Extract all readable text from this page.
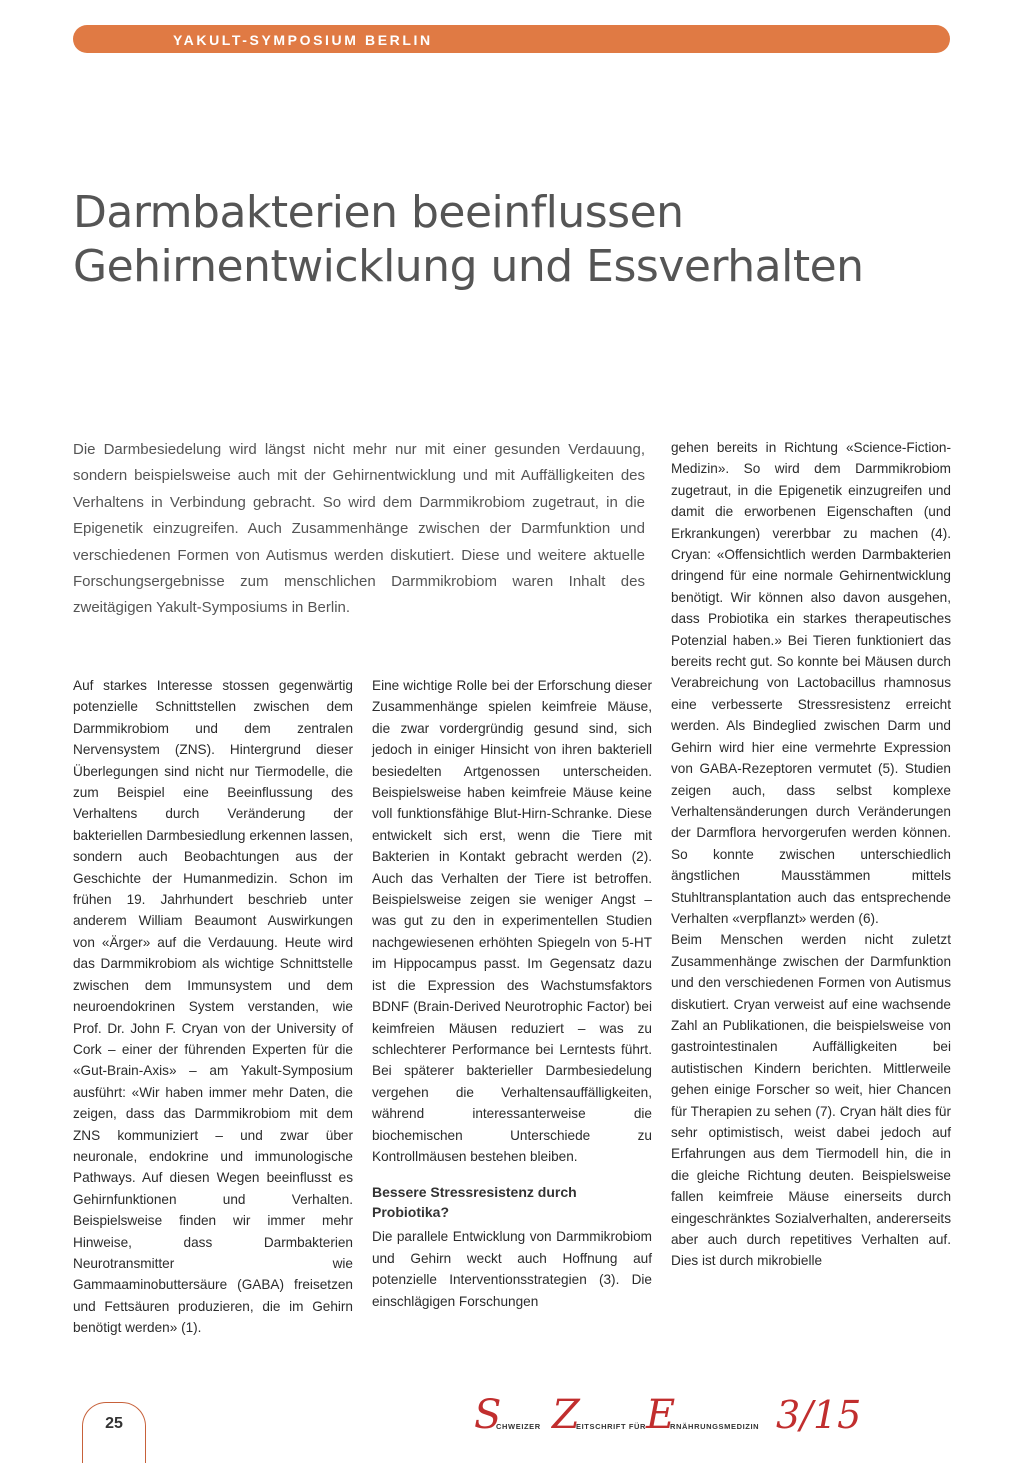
YAKULT-SYMPOSIUM BERLIN
Darmbakterien beeinflussen
Gehirnentwicklung und Essverhalten

Die Darmbesiedelung wird längst nicht mehr nur mit einer gesunden Verdauung, sondern beispielsweise auch mit der Gehirnentwicklung und mit Auffälligkeiten des Verhaltens in Verbindung gebracht. So wird dem Darmmikrobiom zugetraut, in die Epigenetik einzugreifen. Auch Zusammenhänge zwischen der Darmfunktion und verschiedenen Formen von Autismus werden diskutiert. Diese und weitere aktuelle Forschungsergebnisse zum menschlichen Darmmikrobiom waren Inhalt des zweitägigen Yakult-Symposiums in Berlin.

Auf starkes Interesse stossen gegenwärtig potenzielle Schnittstellen zwischen dem Darmmikrobiom und dem zentralen Nervensystem (ZNS). Hintergrund dieser Überlegungen sind nicht nur Tiermodelle, die zum Beispiel eine Beeinflussung des Verhaltens durch Veränderung der bakteriellen Darmbesiedlung erkennen lassen, sondern auch Beobachtungen aus der Geschichte der Humanmedizin. Schon im frühen 19. Jahrhundert beschrieb unter anderem William Beaumont Auswirkungen von «Ärger» auf die Verdauung. Heute wird das Darmmikrobiom als wichtige Schnittstelle zwischen dem Immunsystem und dem neuroendokrinen System verstanden, wie Prof. Dr. John F. Cryan von der University of Cork – einer der führenden Experten für die «Gut-Brain-Axis» – am Yakult-Symposium ausführt: «Wir haben immer mehr Daten, die zeigen, dass das Darmmikrobiom mit dem ZNS kommuniziert – und zwar über neuronale, endokrine und immunologische Pathways. Auf diesen Wegen beeinflusst es Gehirnfunktionen und Verhalten. Beispielsweise finden wir immer mehr Hinweise, dass Darmbakterien Neurotransmitter wie Gammaaminobuttersäure (GABA) freisetzen und Fettsäuren produzieren, die im Gehirn benötigt werden» (1).

Eine wichtige Rolle bei der Erforschung dieser Zusammenhänge spielen keimfreie Mäuse, die zwar vordergründig gesund sind, sich jedoch in einiger Hinsicht von ihren bakteriell besiedelten Artgenossen unterscheiden. Beispielsweise haben keimfreie Mäuse keine voll funktionsfähige Blut-Hirn-Schranke. Diese entwickelt sich erst, wenn die Tiere mit Bakterien in Kontakt gebracht werden (2). Auch das Verhalten der Tiere ist betroffen. Beispielsweise zeigen sie weniger Angst – was gut zu den in experimentellen Studien nachgewiesenen erhöhten Spiegeln von 5-HT im Hippocampus passt. Im Gegensatz dazu ist die Expression des Wachstumsfaktors BDNF (Brain-Derived Neurotrophic Factor) bei keimfreien Mäusen reduziert – was zu schlechterer Performance bei Lerntests führt. Bei späterer bakterieller Darmbesiedelung vergehen die Verhaltensauffälligkeiten, während interessanterweise die biochemischen Unterschiede zu Kontrollmäusen bestehen bleiben.

Bessere Stressresistenz durch Probiotika?

Die parallele Entwicklung von Darmmikrobiom und Gehirn weckt auch Hoffnung auf potenzielle Interventionsstrategien (3). Die einschlägigen Forschungen

gehen bereits in Richtung «Science-Fiction-Medizin». So wird dem Darmmikrobiom zugetraut, in die Epigenetik einzugreifen und damit die erworbenen Eigenschaften (und Erkrankungen) vererbbar zu machen (4). Cryan: «Offensichtlich werden Darmbakterien dringend für eine normale Gehirnentwicklung benötigt. Wir können also davon ausgehen, dass Probiotika ein starkes therapeutisches Potenzial haben.» Bei Tieren funktioniert das bereits recht gut. So konnte bei Mäusen durch Verabreichung von Lactobacillus rhamnosus eine verbesserte Stressresistenz erreicht werden. Als Bindeglied zwischen Darm und Gehirn wird hier eine vermehrte Expression von GABA-Rezeptoren vermutet (5). Studien zeigen auch, dass selbst komplexe Verhaltensänderungen durch Veränderungen der Darmflora hervorgerufen werden können. So konnte zwischen unterschiedlich ängstlichen Mausstämmen mittels Stuhltransplantation auch das entsprechende Verhalten «verpflanzt» werden (6).

Beim Menschen werden nicht zuletzt Zusammenhänge zwischen der Darmfunktion und den verschiedenen Formen von Autismus diskutiert. Cryan verweist auf eine wachsende Zahl an Publikationen, die beispielsweise von gastrointestinalen Auffälligkeiten bei autistischen Kindern berichten. Mittlerweile gehen einige Forscher so weit, hier Chancen für Therapien zu sehen (7). Cryan hält dies für sehr optimistisch, weist dabei jedoch auf Erfahrungen aus dem Tiermodell hin, die in die gleiche Richtung deuten. Beispielsweise fallen keimfreie Mäuse einerseits durch eingeschränktes Sozialverhalten, andererseits aber auch durch repetitives Verhalten auf. Dies ist durch mikrobielle

25	S
CHWEIZER Z
EITSCHRIFT FÜR E
RNÄHRUNGSMEDIZIN 3/15
